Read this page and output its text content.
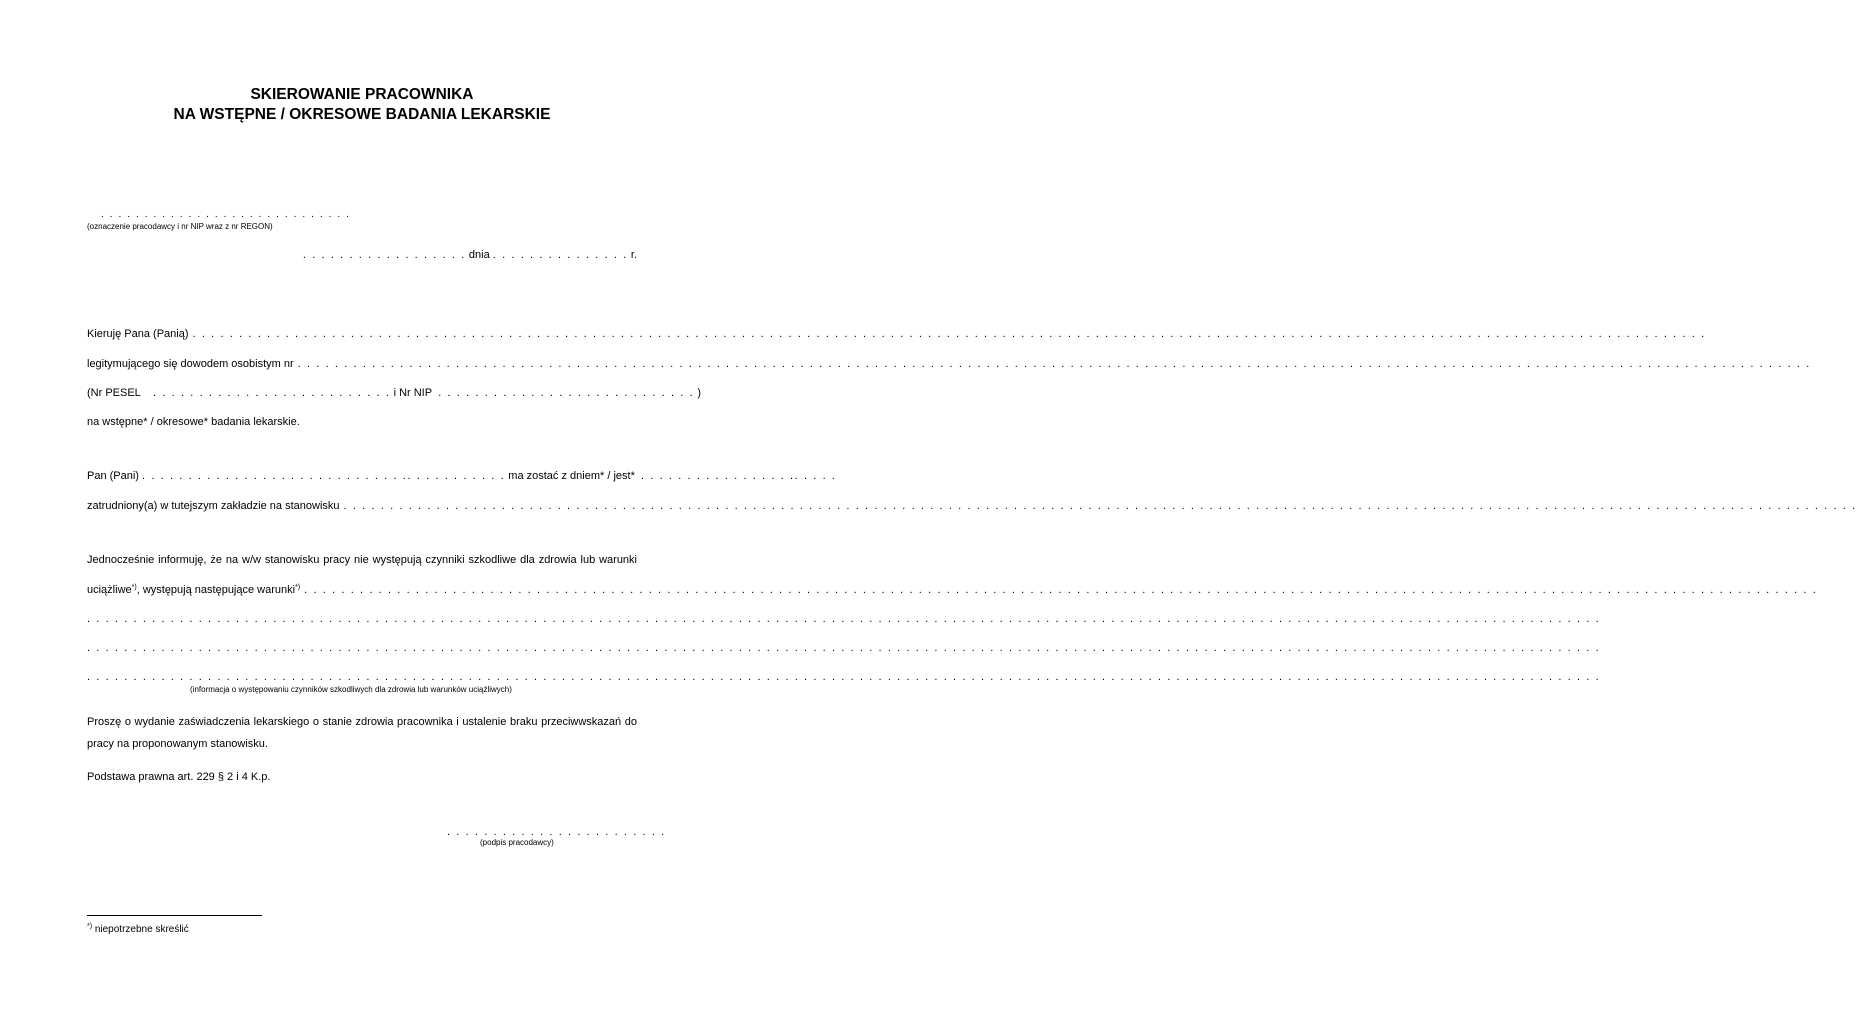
SKIEROWANIE PRACOWNIKA
NA WSTĘPNE / OKRESOWE BADANIA LEKARSKIE
. . . . . . . . . . . . . . . . . . . . . . . . . . . . .
(oznaczenie pracodawcy i nr NIP wraz z nr REGON)
. . . . . . . . . . . . . . . . . . dnia . . . . . . . . . . . . . . . r.
Kieruję Pana (Panią)
. . .
legitymującego się dowodem osobistym nr
. . .
(Nr PESEL . . . . . . . . . . . . . . . . . . . . . . . . . . i Nr NIP . . . . . . . . . . . . . . . . . . . . . . . . . . . . )
na wstępne* / okresowe* badania lekarskie.
Pan (Pani) . . . . . . . . . . . . . . . . . . . . . . . . . . . . .. . . . . . . . . . . ma zostać z dniem* / jest* . . . . . . . . . . . . . . . . .. . . . .
zatrudniony(a) w tutejszym zakładzie na stanowisku
. . .
Jednocześnie informuję, że na w/w stanowisku pracy nie występują czynniki szkodliwe dla zdrowia lub warunki
uciążliwe*), występują następujące warunki*)
. . .
. . .
. . .
. . .
(informacja o występowaniu czynników szkodliwych dla zdrowia lub warunków uciążliwych)
Proszę o wydanie zaświadczenia lekarskiego o stanie zdrowia pracownika i ustalenie braku przeciwwskazań do
pracy na proponowanym stanowisku.
Podstawa prawna art. 229 § 2 i 4 K.p.
. . . . . . . . . . . . . . . . . . . . . . . .
(podpis pracodawcy)
*) niepotrzebne skreślić
